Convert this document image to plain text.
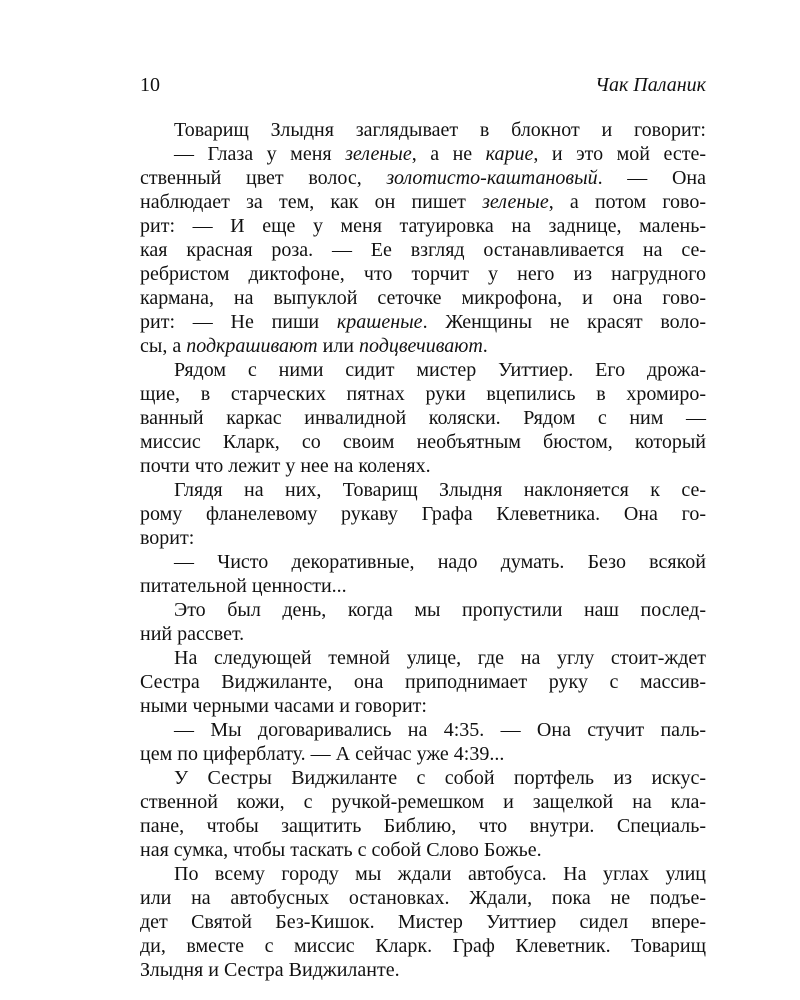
10	Чак Паланик
Товарищ Злыдня заглядывает в блокнот и говорит:
— Глаза у меня зеленые, а не карие, и это мой есте-
ственный цвет волос, золотисто-каштановый. — Она
наблюдает за тем, как он пишет зеленые, а потом гово-
рит: — И еще у меня татуировка на заднице, малень-
кая красная роза. — Ее взгляд останавливается на се-
ребристом диктофоне, что торчит у него из нагрудного
кармана, на выпуклой сеточке микрофона, и она гово-
рит: — Не пиши крашеные. Женщины не красят воло-
сы, а подкрашивают или подцвечивают.
Рядом с ними сидит мистер Уиттиер. Его дрожа-
щие, в старческих пятнах руки вцепились в хромиро-
ванный каркас инвалидной коляски. Рядом с ним —
миссис Кларк, со своим необъятным бюстом, который
почти что лежит у нее на коленях.
Глядя на них, Товарищ Злыдня наклоняется к се-
рому фланелевому рукаву Графа Клеветника. Она го-
ворит:
— Чисто декоративные, надо думать. Безо всякой
питательной ценности...
Это был день, когда мы пропустили наш послед-
ний рассвет.
На следующей темной улице, где на углу стоит-ждет
Сестра Виджиланте, она приподнимает руку с массив-
ными черными часами и говорит:
— Мы договаривались на 4:35. — Она стучит паль-
цем по циферблату. — А сейчас уже 4:39...
У Сестры Виджиланте с собой портфель из искус-
ственной кожи, с ручкой-ремешком и защелкой на кла-
пане, чтобы защитить Библию, что внутри. Специаль-
ная сумка, чтобы таскать с собой Слово Божье.
По всему городу мы ждали автобуса. На углах улиц
или на автобусных остановках. Ждали, пока не подъе-
дет Святой Без-Кишок. Мистер Уиттиер сидел впере-
ди, вместе с миссис Кларк. Граф Клеветник. Товарищ
Злыдня и Сестра Виджиланте.
